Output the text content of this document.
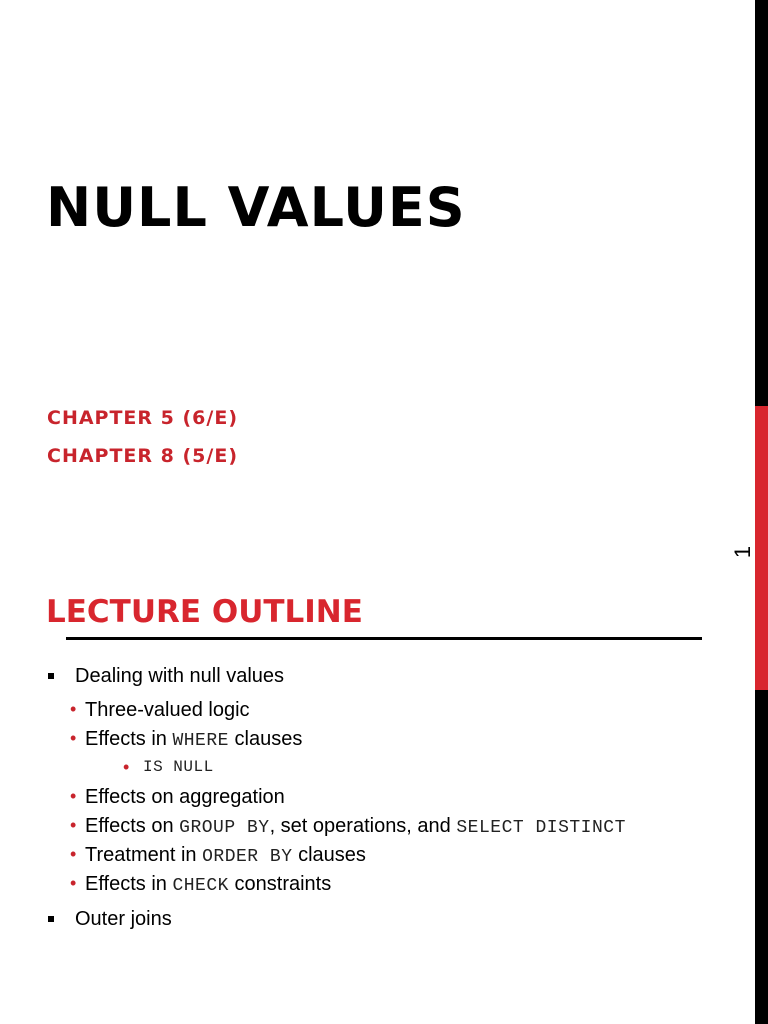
1
NULL VALUES
CHAPTER 5 (6/E)
CHAPTER 8 (5/E)
LECTURE OUTLINE
Dealing with null values
• Three-valued logic
• Effects in WHERE clauses
• IS NULL
• Effects on aggregation
• Effects on GROUP BY, set operations, and SELECT DISTINCT
• Treatment in ORDER BY clauses
• Effects in CHECK constraints
Outer joins
